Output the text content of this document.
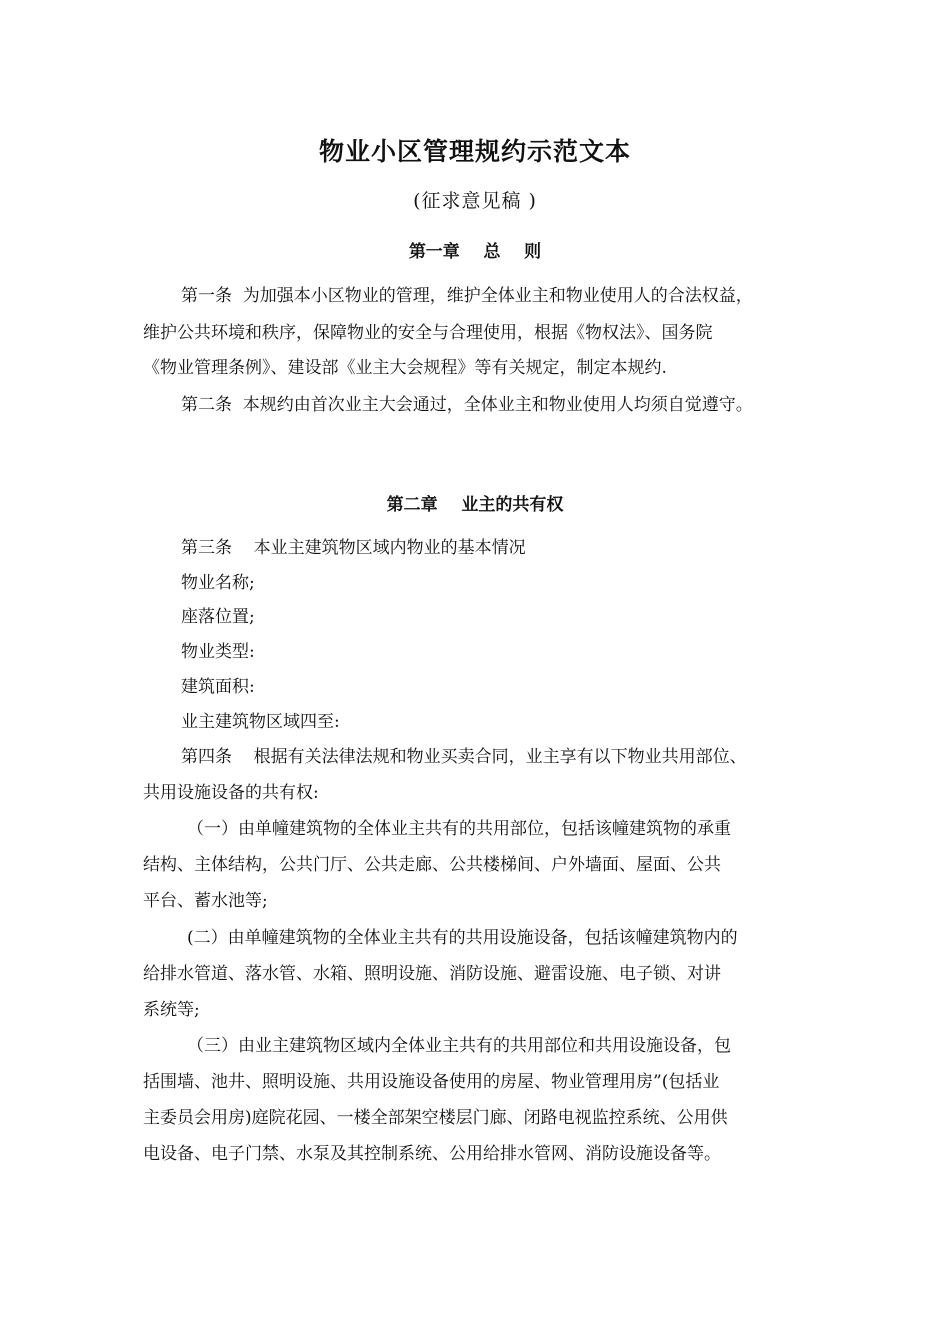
物业小区管理规约示范文本
(征求意见稿 )
第一章    总    则
第一条  为加强本小区物业的管理，维护全体业主和物业使用人的合法权益，
维护公共环境和秩序，保障物业的安全与合理使用，根据《物权法》、国务院
《物业管理条例》、建设部《业主大会规程》等有关规定，制定本规约.
第二条  本规约由首次业主大会通过，全体业主和物业使用人均须自觉遵守。
第二章    业主的共有权
第三条    本业主建筑物区域内物业的基本情况
物业名称;
座落位置;
物业类型:
建筑面积:
业主建筑物区域四至:
第四条    根据有关法律法规和物业买卖合同，业主享有以下物业共用部位、
共用设施设备的共有权:
（一）由单幢建筑物的全体业主共有的共用部位，包括该幢建筑物的承重
结构、主体结构，公共门厅、公共走廊、公共楼梯间、户外墙面、屋面、公共
平台、蓄水池等;
(二）由单幢建筑物的全体业主共有的共用设施设备，包括该幢建筑物内的
给排水管道、落水管、水箱、照明设施、消防设施、避雷设施、电子锁、对讲
系统等;
（三）由业主建筑物区域内全体业主共有的共用部位和共用设施设备，包
括围墙、池井、照明设施、共用设施设备使用的房屋、物业管理用房”(包括业
主委员会用房)庭院花园、一楼全部架空楼层门廊、闭路电视监控系统、公用供
电设备、电子门禁、水泵及其控制系统、公用给排水管网、消防设施设备等。
